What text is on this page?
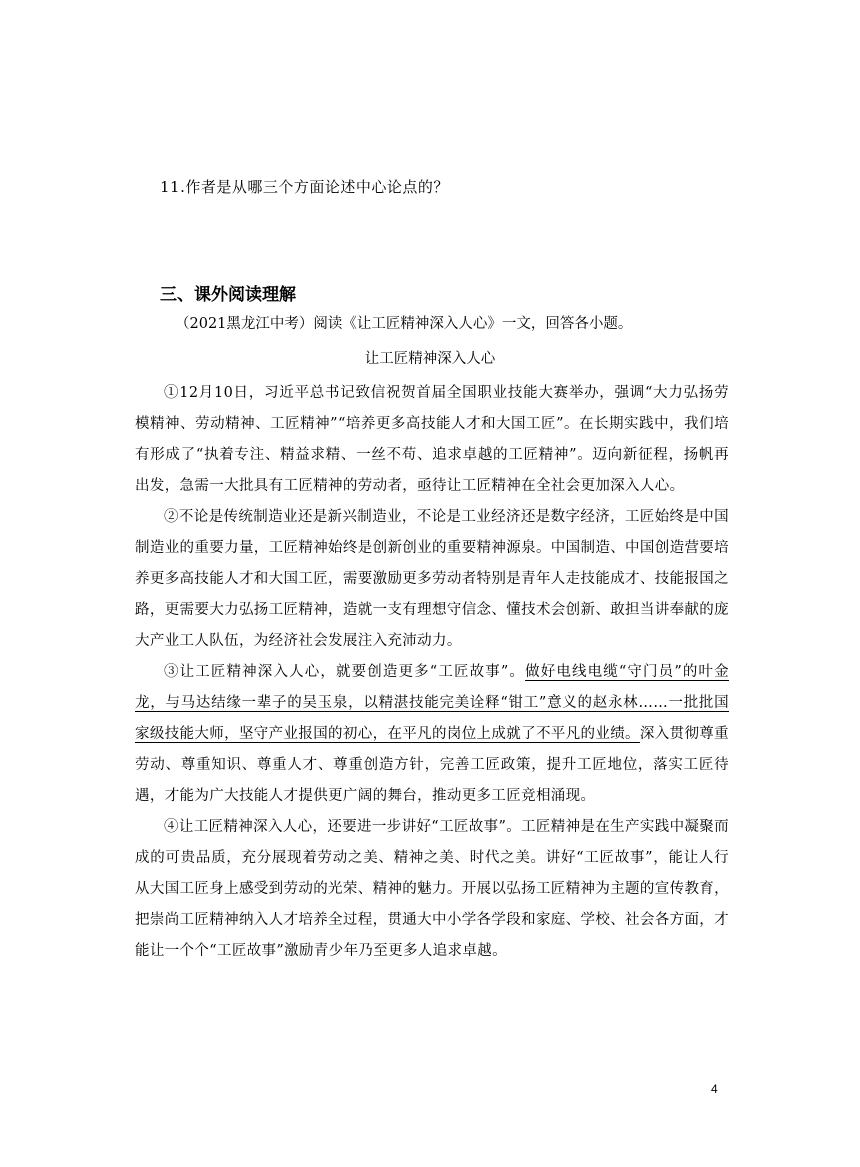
11.作者是从哪三个方面论述中心论点的？
三、课外阅读理解
（2021黑龙江中考）阅读《让工匠精神深入人心》一文，回答各小题。
让工匠精神深入人心

①12月10日，习近平总书记致信祝贺首届全国职业技能大赛举办，强调“大力弘扬劳模精神、劳动精神、工匠精神”“培养更多高技能人才和大国工匠”。在长期实践中，我们培有形成了“执着专注、精益求精、一丝不苟、追求卓越的工匠精神”。迈向新征程，扬帆再出发，急需一大批具有工匠精神的劳动者，亟待让工匠精神在全社会更加深入人心。

②不论是传统制造业还是新兴制造业，不论是工业经济还是数字经济，工匠始终是中国制造业的重要力量，工匠精神始终是创新创业的重要精神源泉。中国制造、中国创造营要培养更多高技能人才和大国工匠，需要激励更多劳动者特别是青年人走技能成才、技能报国之路，更需要大力弘扬工匠精神，造就一支有理想守信念、懂技术会创新、敢担当讲奉献的庞大产业工人队伍，为经济社会发展注入充沛动力。

③让工匠精神深入人心，就要创造更多“工匠故事”。做好电线电缆“守门员”的叶金龙，与马达结缘一辈子的吴玉泉，以精湛技能完美诠释“钳工”意义的赵永林……一批批国家级技能大师，坚守产业报国的初心，在平凡的岗位上成就了不平凡的业绩。深入贯彻尊重劳动、尊重知识、尊重人才、尊重创造方针，完善工匠政策，提升工匠地位，落实工匠待遇，才能为广大技能人才提供更广阔的舞台，推动更多工匠竞相涌现。

④让工匠精神深入人心，还要进一步讲好“工匠故事”。工匠精神是在生产实践中凝聚而成的可贵品质，充分展现着劳动之美、精神之美、时代之美。讲好“工匠故事”，能让人行从大国工匠身上感受到劳动的光荣、精神的魅力。开展以弘扬工匠精神为主题的宣传教育，把崇尚工匠精神纳入人才培养全过程，贯通大中小学各学段和家庭、学校、社会各方面，才能让一个个“工匠故事”激励青少年乃至更多人追求卓越。

4
